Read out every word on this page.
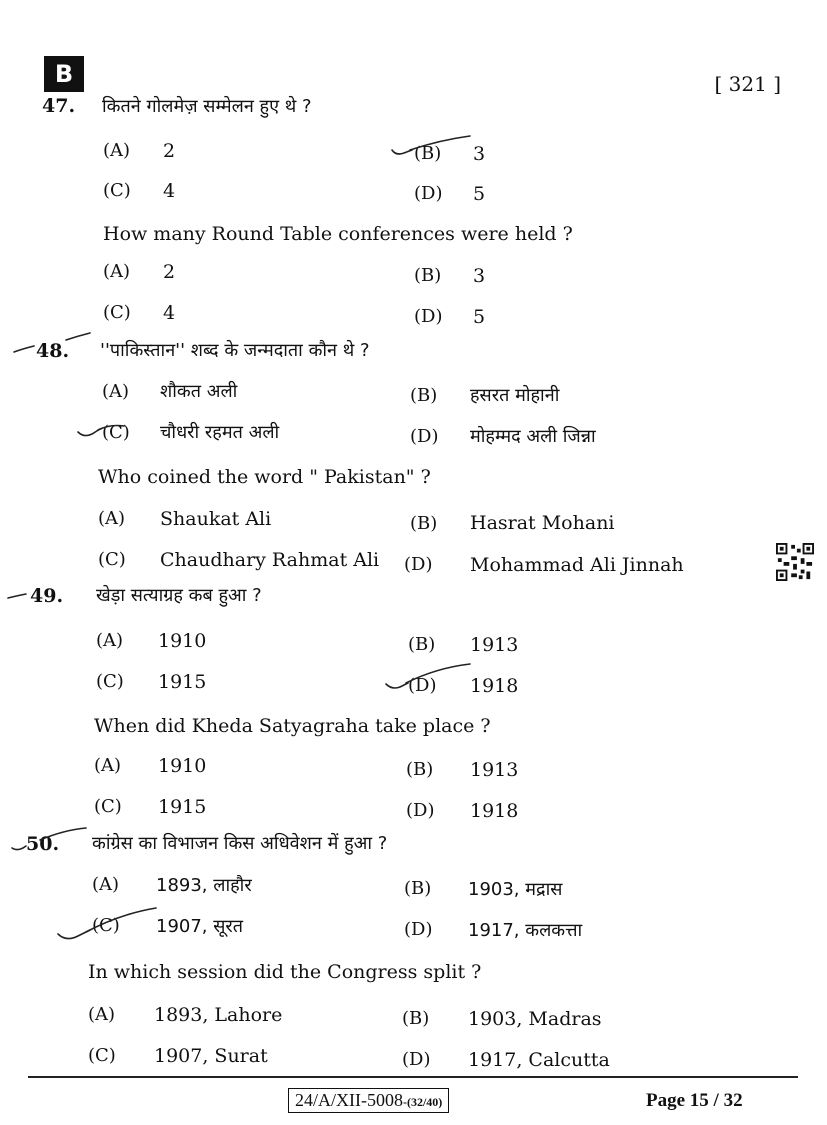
B	[ 321 ]
47. कितने गोलमेज़ सम्मेलन हुए थे ?
(A) 2	(B) 3
(C) 4	(D) 5
How many Round Table conferences were held ?
(A) 2	(B) 3
(C) 4	(D) 5
48. ''पाकिस्तान'' शब्द के जन्मदाता कौन थे ?
(A) शौकत अली	(B) हसरत मोहानी
(C) चौधरी रहमत अली	(D) मोहम्मद अली जिन्ना
Who coined the word " Pakistan" ?
(A) Shaukat Ali	(B) Hasrat Mohani
(C) Chaudhary Rahmat Ali (D) Mohammad Ali Jinnah
49. खेड़ा सत्याग्रह कब हुआ ?
(A) 1910	(B) 1913
(C) 1915	(D) 1918
When did Kheda Satyagraha take place ?
(A) 1910	(B) 1913
(C) 1915	(D) 1918
50. कांग्रेस का विभाजन किस अधिवेशन में हुआ ?
(A) 1893, लाहौर	(B) 1903, मद्रास
(C) 1907, सूरत	(D) 1917, कलकत्ता
In which session did the Congress split ?
(A) 1893, Lahore	(B) 1903, Madras
(C) 1907, Surat	(D) 1917, Calcutta
24/A/XII-5008-(32/40)	Page 15 / 32
